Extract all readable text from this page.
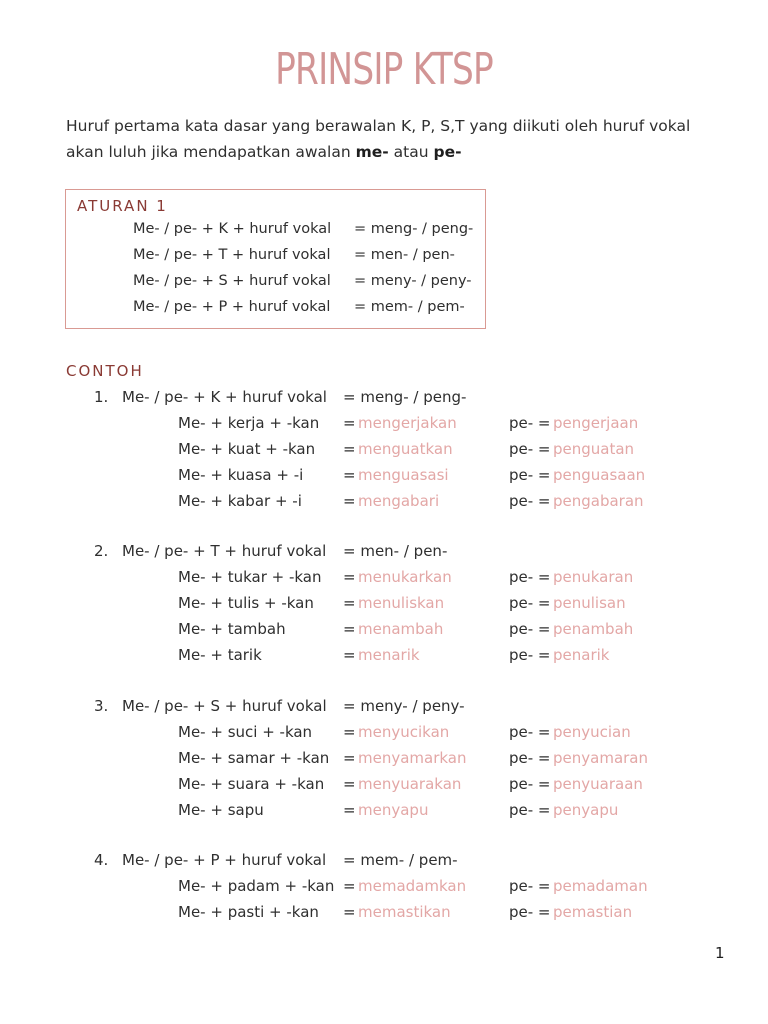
PRINSIP KTSP
Huruf pertama kata dasar yang berawalan K, P, S,T yang diikuti oleh huruf vokal
akan luluh jika mendapatkan awalan me- atau pe-
ATURAN 1
Me- / pe- + K + huruf vokal = meng- / peng-
Me- / pe- + T + huruf vokal = men- / pen-
Me- / pe- + S + huruf vokal = meny- / peny-
Me- / pe- + P + huruf vokal = mem- / pem-
CONTOH
1. Me- / pe- + K + huruf vokal = meng- / peng-
Me- + kerja + -kan = mengerjakan	pe- = pengerjaan
Me- + kuat + -kan = menguatkan	pe- = penguatan
Me- + kuasa + -i	= menguasasi	pe- = penguasaan
Me- + kabar + -i	= mengabari	pe- = pengabaran
2. Me- / pe- + T + huruf vokal = men- / pen-
Me- + tukar + -kan = menukarkan	pe- = penukaran
Me- + tulis + -kan = menuliskan	pe- = penulisan
Me- + tambah	= menambah	pe- = penambah
Me- + tarik	= menarik	pe- = penarik
3. Me- / pe- + S + huruf vokal = meny- / peny-
Me- + suci + -kan = menyucikan	pe- = penyucian
Me- + samar + -kan = menyamarkan	pe- = penyamaran
Me- + suara + -kan = menyuarakan	pe- = penyuaraan
Me- + sapu	= menyapu	pe- = penyapu
4. Me- / pe- + P + huruf vokal = mem- / pem-
Me- + padam + -kan = memadamkan	pe- = pemadaman
Me- + pasti + -kan = memastikan	pe- = pemastian
1
